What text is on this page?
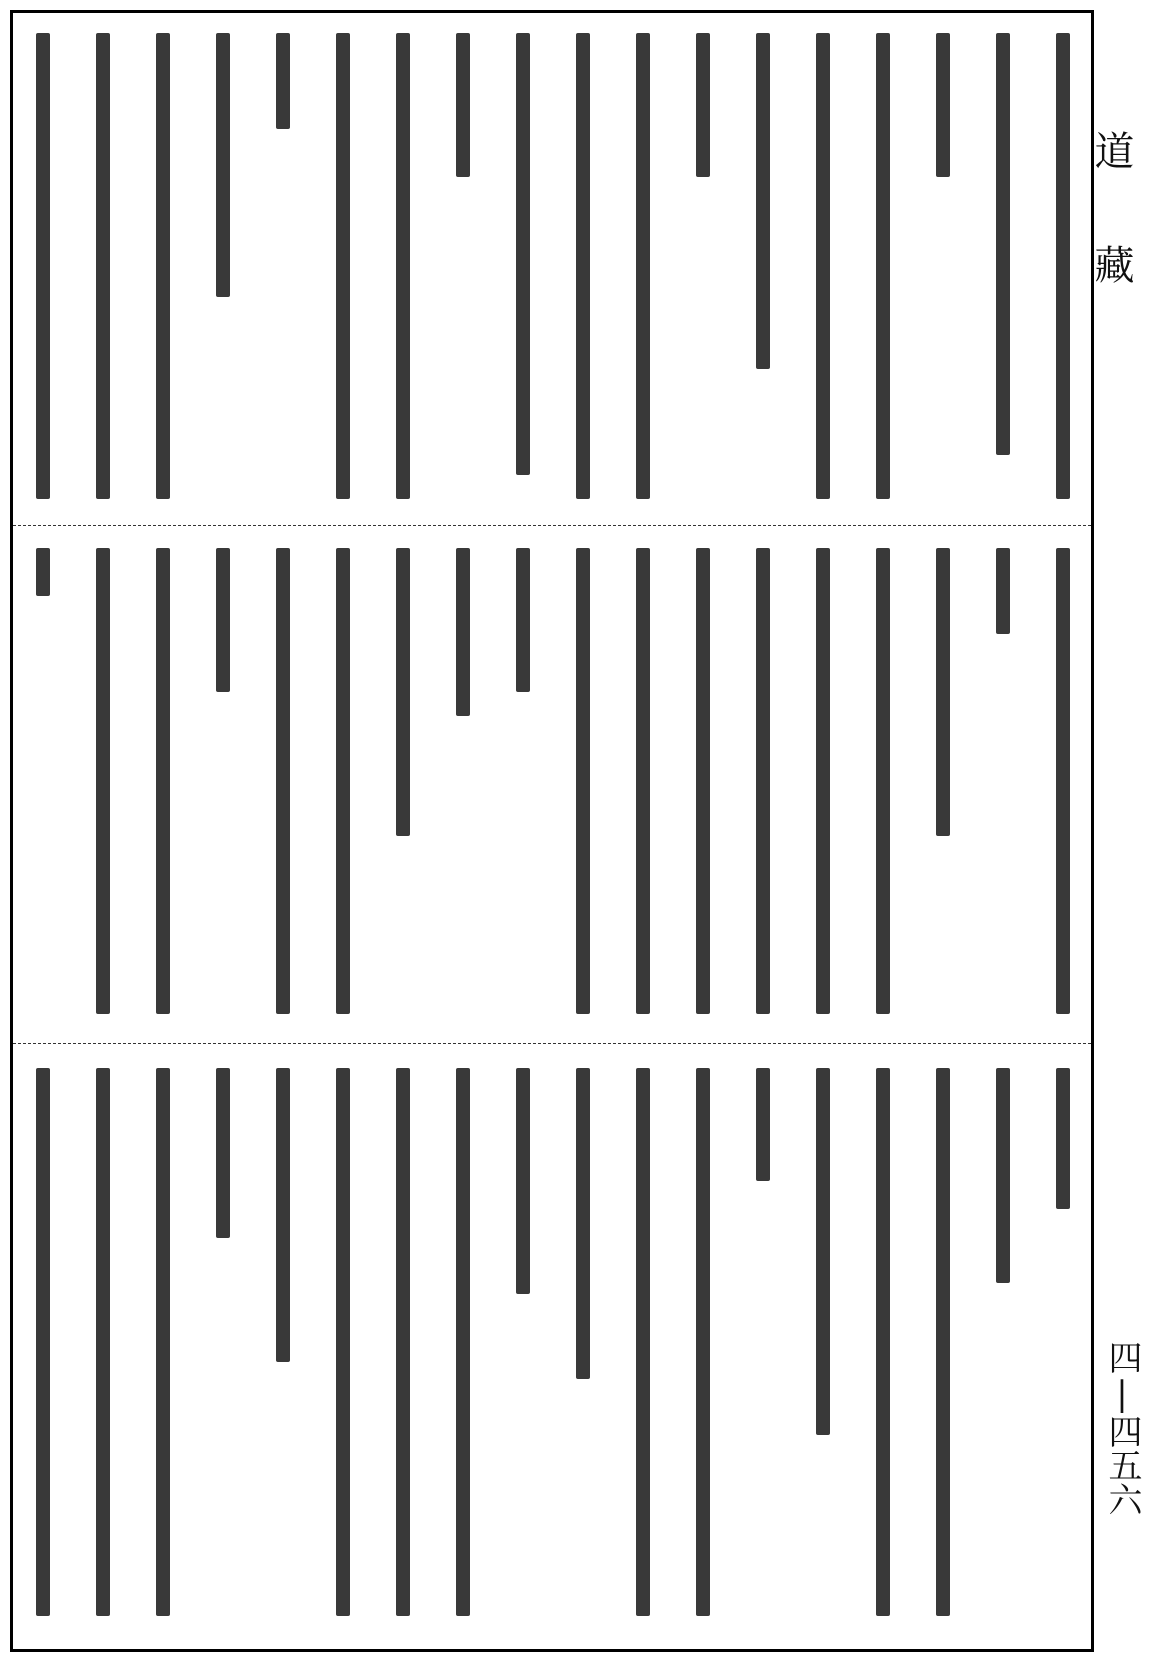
道 藏
四|四五六
